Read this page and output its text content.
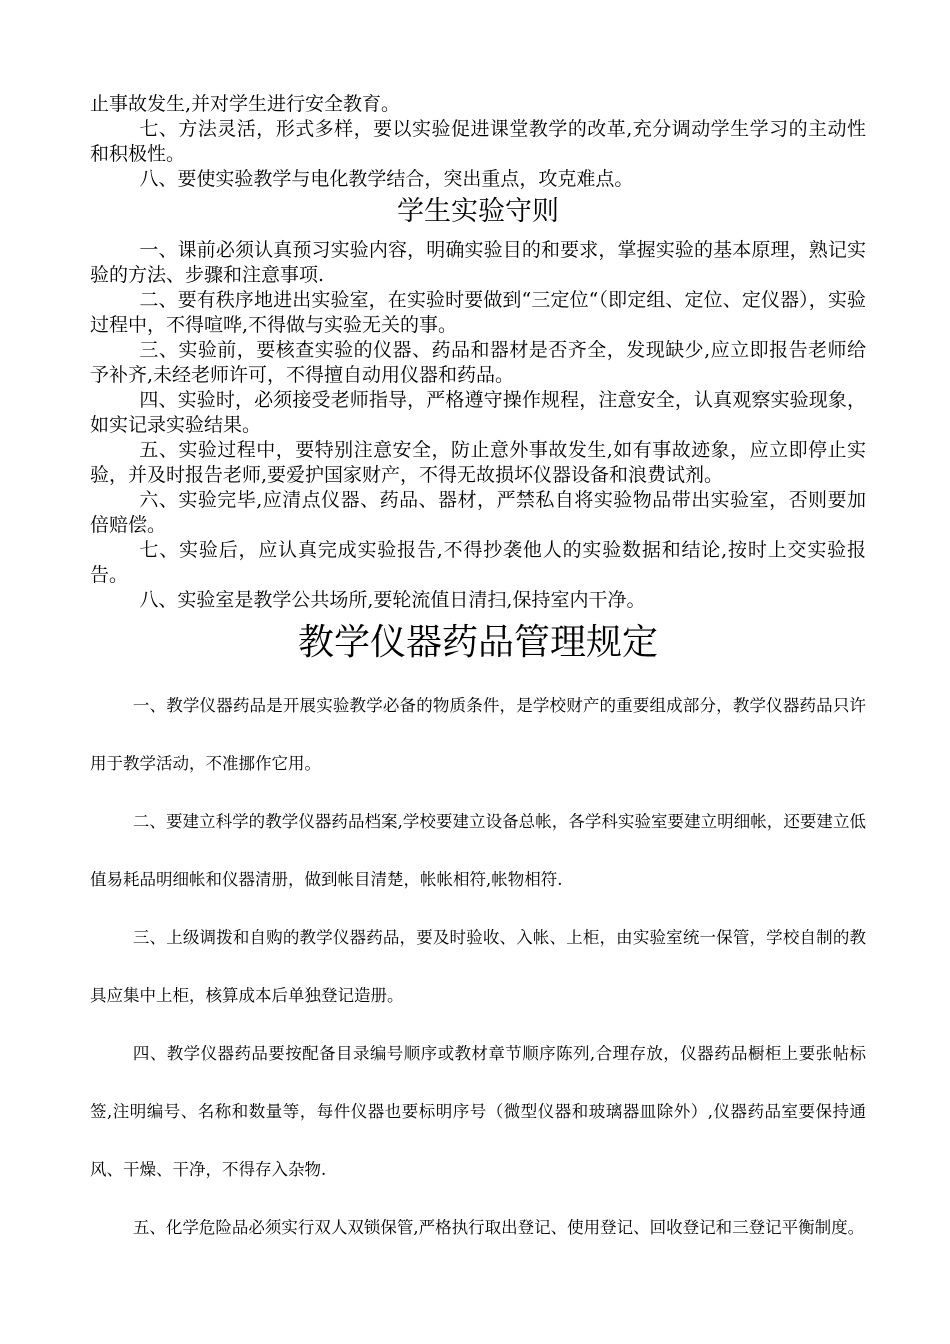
止事故发生,并对学生进行安全教育。

七、方法灵活，形式多样，要以实验促进课堂教学的改革,充分调动学生学习的主动性和积极性。

八、要使实验教学与电化教学结合，突出重点，攻克难点。

学生实验守则

一、课前必须认真预习实验内容，明确实验目的和要求，掌握实验的基本原理，熟记实验的方法、步骤和注意事项.

二、要有秩序地进出实验室，在实验时要做到“三定位“（即定组、定位、定仪器），实验过程中，不得喧哗,不得做与实验无关的事。

三、实验前，要核查实验的仪器、药品和器材是否齐全，发现缺少,应立即报告老师给予补齐,未经老师许可，不得擅自动用仪器和药品。

四、实验时，必须接受老师指导，严格遵守操作规程，注意安全，认真观察实验现象，如实记录实验结果。

五、实验过程中，要特别注意安全，防止意外事故发生,如有事故迹象，应立即停止实验，并及时报告老师,要爱护国家财产，不得无故损坏仪器设备和浪费试剂。

六、实验完毕,应清点仪器、药品、器材，严禁私自将实验物品带出实验室，否则要加倍赔偿。

七、实验后，应认真完成实验报告,不得抄袭他人的实验数据和结论,按时上交实验报告。

八、实验室是教学公共场所,要轮流值日清扫,保持室内干净。

教学仪器药品管理规定

一、教学仪器药品是开展实验教学必备的物质条件，是学校财产的重要组成部分，教学仪器药品只许用于教学活动，不准挪作它用。

二、要建立科学的教学仪器药品档案,学校要建立设备总帐，各学科实验室要建立明细帐，还要建立低值易耗品明细帐和仪器清册，做到帐目清楚，帐帐相符,帐物相符.

三、上级调拨和自购的教学仪器药品，要及时验收、入帐、上柜，由实验室统一保管，学校自制的教具应集中上柜，核算成本后单独登记造册。

四、教学仪器药品要按配备目录编号顺序或教材章节顺序陈列,合理存放，仪器药品橱柜上要张帖标签,注明编号、名称和数量等，每件仪器也要标明序号（微型仪器和玻璃器皿除外）,仪器药品室要保持通风、干燥、干净，不得存入杂物.

五、化学危险品必须实行双人双锁保管,严格执行取出登记、使用登记、回收登记和三登记平衡制度。
